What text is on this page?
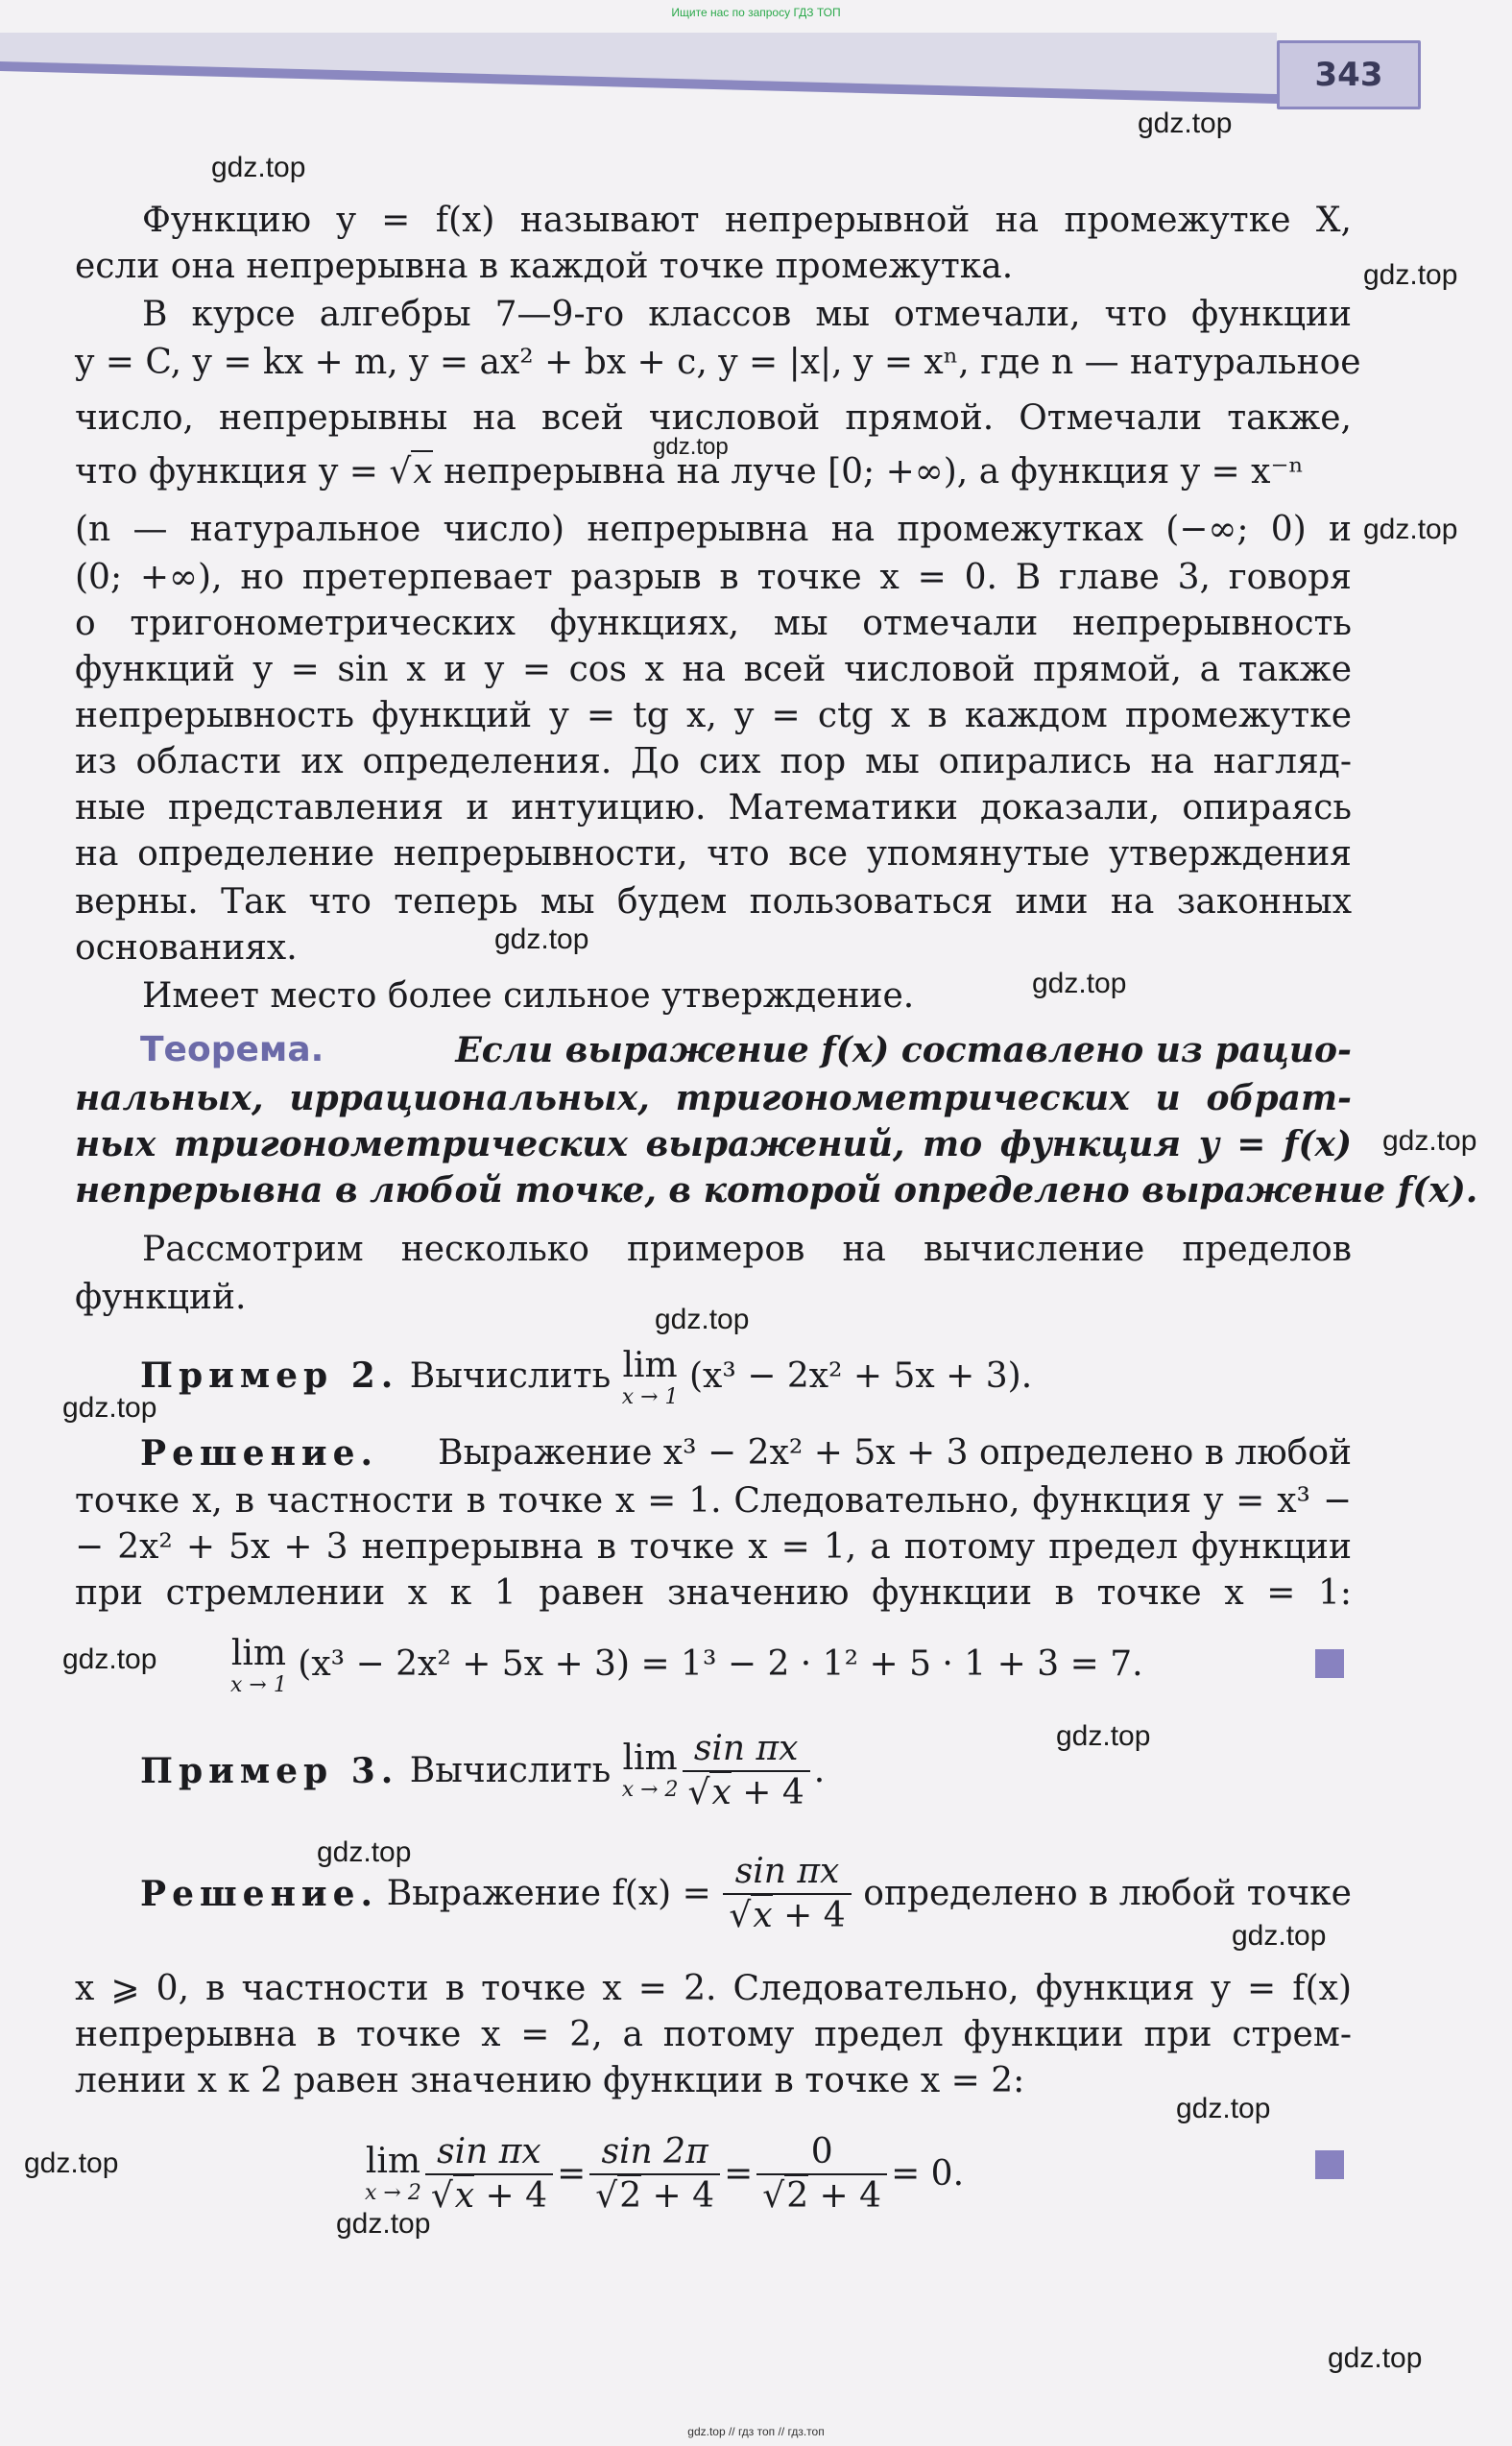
Ищите нас по запросу ГДЗ ТОП
343
gdz.top
gdz.top
gdz.top
gdz.top
gdz.top
gdz.top
gdz.top
gdz.top
gdz.top
gdz.top
gdz.top
gdz.top
gdz.top
gdz.top
gdz.top
gdz.top
gdz.top
gdz.top
Функцию y = f(x) называют непрерывной на промежутке X,
если она непрерывна в каждой точке промежутка.
В курсе алгебры 7—9-го классов мы отмечали, что функции
y = C, y = kx + m, y = ax² + bx + c, y = |x|, y = xⁿ, где n — натуральное
число, непрерывны на всей числовой прямой. Отмечали также,
что функция y = √x непрерывна на луче [0; +∞), а функция y = x⁻ⁿ
(n — натуральное число) непрерывна на промежутках (−∞; 0) и
(0; +∞), но претерпевает разрыв в точке x = 0. В главе 3, говоря
о тригонометрических функциях, мы отмечали непрерывность
функций y = sin x и y = cos x на всей числовой прямой, а также
непрерывность функций y = tg x, y = ctg x в каждом промежутке
из области их определения. До сих пор мы опирались на нагляд-
ные представления и интуицию. Математики доказали, опираясь
на определение непрерывности, что все упомянутые утверждения
верны. Так что теперь мы будем пользоваться ими на законных
основаниях.
Имеет место более сильное утверждение.
Теорема.	Если выражение f(x) составлено из рацио-
нальных, иррациональных, тригонометрических и обрат-
ных тригонометрических выражений, то функция y = f(x)
непрерывна в любой точке, в которой определено выражение f(x).
Рассмотрим несколько примеров на вычисление пределов
функций.
Пример 2. Вычислить lim
x → 1
(x³ − 2x² + 5x + 3).
Решение. Выражение x³ − 2x² + 5x + 3 определено в любой
точке x, в частности в точке x = 1. Следовательно, функция y = x³ −
− 2x² + 5x + 3 непрерывна в точке x = 1, а потому предел функции
при стремлении x к 1 равен значению функции в точке x = 1:
lim
x → 1
(x³ − 2x² + 5x + 3) = 1³ − 2 · 1² + 5 · 1 + 3 = 7.
Пример 3.
Вычислить
lim
$x \to 2 \frac{\text{sin πx}}{√x + 4}$ .
Решение. Выражение $f(x) = \frac{\text{sin πx}}{√x + 4}$ определено в любой точке
x ⩾ 0, в частности в точке x = 2. Следовательно, функция y = f(x)
непрерывна в точке x = 2, а потому предел функции при стрем-
лении x к 2 равен значению функции в точке x = 2:
lim
$x \to 2 \frac{\text{sin πx}}{√x + 4} = \frac{\sin 2\pi}{√2 + 4} = \frac{0}{√2 + 4} = 0$.
gdz.top // гдз топ // гдз.топ
